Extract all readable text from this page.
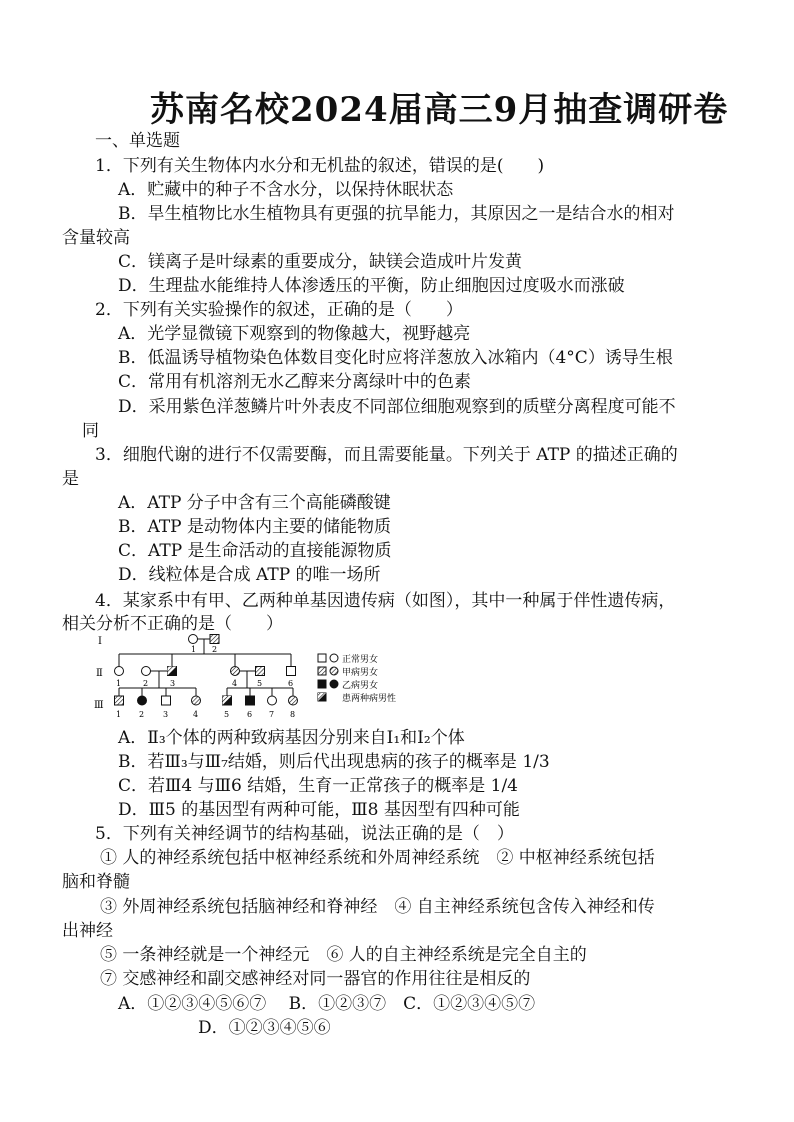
苏南名校2024届高三9月抽查调研卷
一、单选题
1．下列有关生物体内水分和无机盐的叙述，错误的是(　　)
A．贮藏中的种子不含水分，以保持休眠状态
B．旱生植物比水生植物具有更强的抗旱能力，其原因之一是结合水的相对
含量较高
C．镁离子是叶绿素的重要成分，缺镁会造成叶片发黄
D．生理盐水能维持人体渗透压的平衡，防止细胞因过度吸水而涨破
2．下列有关实验操作的叙述，正确的是（　　）
A．光学显微镜下观察到的物像越大，视野越亮
B．低温诱导植物染色体数目变化时应将洋葱放入冰箱内（4°C）诱导生根
C．常用有机溶剂无水乙醇来分离绿叶中的色素
D．采用紫色洋葱鳞片叶外表皮不同部位细胞观察到的质壁分离程度可能不
同
3．细胞代谢的进行不仅需要酶，而且需要能量。下列关于 ATP 的描述正确的
是
A．ATP 分子中含有三个高能磷酸键
B．ATP 是动物体内主要的储能物质
C．ATP 是生命活动的直接能源物质
D．线粒体是合成 ATP 的唯一场所
4．某家系中有甲、乙两种单基因遗传病（如图），其中一种属于伴性遗传病，
相关分析不正确的是（　　）
I
Ⅱ
Ⅲ
1 2
1	2	3	4 5	6
1 2 3	4	5 6 7 8
正常男女
甲病男女
乙病男女
患两种病男性
A．Ⅱ₃个体的两种致病基因分别来自I₁和I₂个体
B．若Ⅲ₃与Ⅲ₇结婚，则后代出现患病的孩子的概率是 1/3
C．若Ⅲ4 与Ⅲ6 结婚，生育一正常孩子的概率是 1/4
D．Ⅲ5 的基因型有两种可能，Ⅲ8 基因型有四种可能
5．下列有关神经调节的结构基础，说法正确的是（　）
① 人的神经系统包括中枢神经系统和外周神经系统　② 中枢神经系统包括
脑和脊髓
③ 外周神经系统包括脑神经和脊神经　④ 自主神经系统包含传入神经和传
出神经
⑤ 一条神经就是一个神经元　⑥ 人的自主神经系统是完全自主的
⑦ 交感神经和副交感神经对同一器官的作用往往是相反的
A．①②③④⑤⑥⑦　 B．①②③⑦　C．①②③④⑤⑦
D．①②③④⑤⑥
